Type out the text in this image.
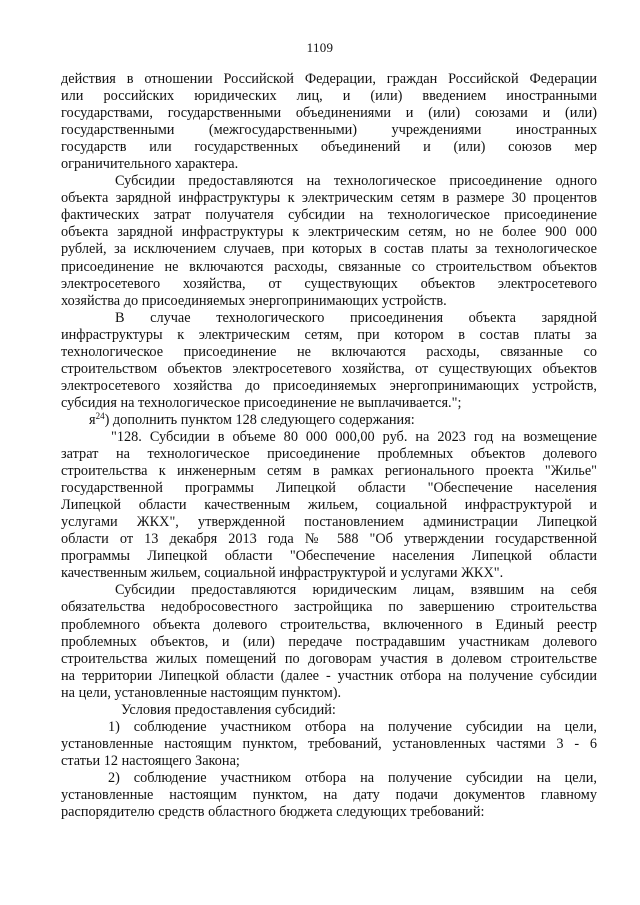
1109
действия в отношении Российской Федерации, граждан Российской Федерации
или российских юридических лиц, и (или) введением иностранными
государствами, государственными объединениями и (или) союзами и (или)
государственными (межгосударственными) учреждениями иностранных
государств или государственных объединений и (или) союзов мер
ограничительного характера.
Субсидии предоставляются на технологическое присоединение одного
объекта зарядной инфраструктуры к электрическим сетям в размере 30 процентов
фактических затрат получателя субсидии на технологическое присоединение
объекта зарядной инфраструктуры к электрическим сетям, но не более 900 000
рублей, за исключением случаев, при которых в состав платы за технологическое
присоединение не включаются расходы, связанные со строительством объектов
электросетевого хозяйства, от существующих объектов электросетевого
хозяйства до присоединяемых энергопринимающих устройств.
В случае технологического присоединения объекта зарядной
инфраструктуры к электрическим сетям, при котором в состав платы за
технологическое присоединение не включаются расходы, связанные со
строительством объектов электросетевого хозяйства, от существующих объектов
электросетевого хозяйства до присоединяемых энергопринимающих устройств,
субсидия на технологическое присоединение не выплачивается.";
$я^{24}$) дополнить пунктом 128 следующего содержания:
"128. Субсидии в объеме 80 000 000,00 руб. на 2023 год на возмещение
затрат на технологическое присоединение проблемных объектов долевого
строительства к инженерным сетям в рамках регионального проекта "Жилье"
государственной программы Липецкой области "Обеспечение населения
Липецкой области качественным жильем, социальной инфраструктурой и
услугами ЖКХ", утвержденной постановлением администрации Липецкой
области от 13 декабря 2013 года № 588 "Об утверждении государственной
программы Липецкой области "Обеспечение населения Липецкой области
качественным жильем, социальной инфраструктурой и услугами ЖКХ".
Субсидии предоставляются юридическим лицам, взявшим на себя
обязательства недобросовестного застройщика по завершению строительства
проблемного объекта долевого строительства, включенного в Единый реестр
проблемных объектов, и (или) передаче пострадавшим участникам долевого
строительства жилых помещений по договорам участия в долевом строительстве
на территории Липецкой области (далее - участник отбора на получение субсидии
на цели, установленные настоящим пунктом).
Условия предоставления субсидий:
1) соблюдение участником отбора на получение субсидии на цели,
установленные настоящим пунктом, требований, установленных частями 3 - 6
статьи 12 настоящего Закона;
2) соблюдение участником отбора на получение субсидии на цели,
установленные настоящим пунктом, на дату подачи документов главному
распорядителю средств областного бюджета следующих требований:
